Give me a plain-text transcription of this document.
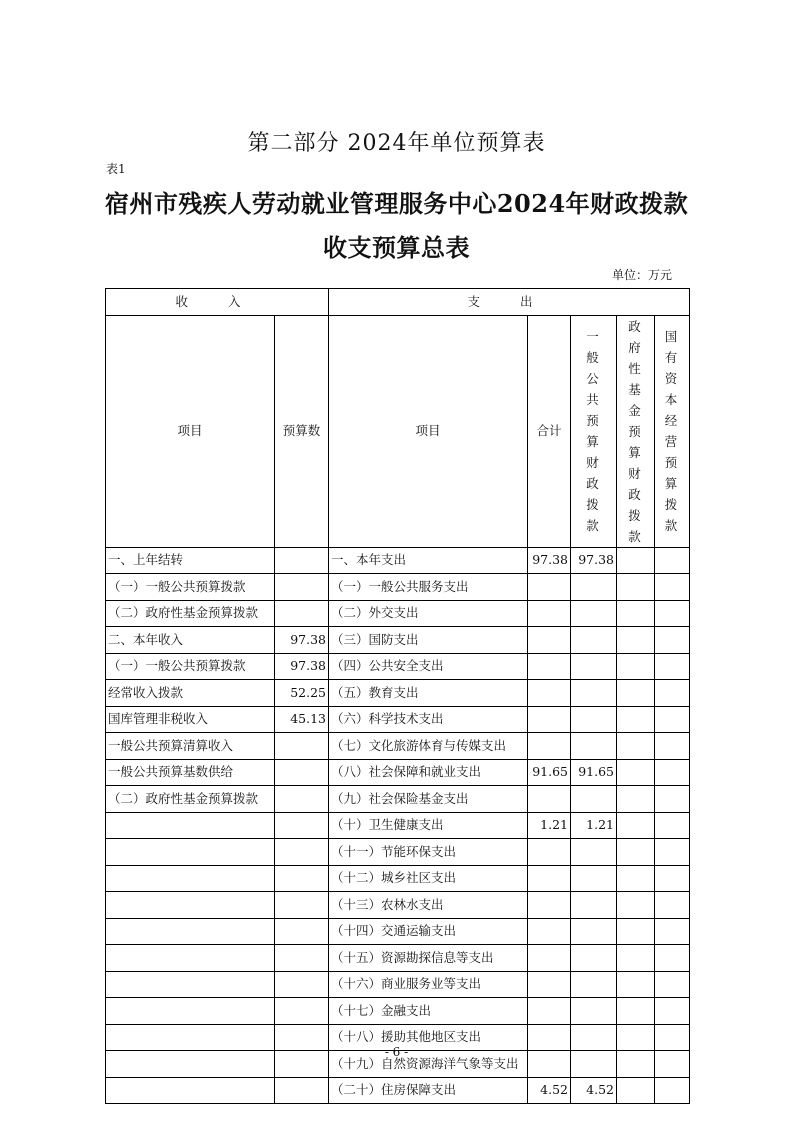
第二部分 2024年单位预算表
表1
宿州市残疾人劳动就业管理服务中心2024年财政拨款
收支预算总表
单位：万元
收 入		支 出				
项目	预算数	项目	合计	一般公共预算财政拨款	政府性基金预算财政拨款	国有资本经营预算拨款
一、上年结转		一、本年支出	97.38	97.38		
（一）一般公共预算拨款		（一）一般公共服务支出				
（二）政府性基金预算拨款		（二）外交支出				
二、本年收入	97.38	（三）国防支出				
（一）一般公共预算拨款	97.38	（四）公共安全支出				
经常收入拨款	52.25	（五）教育支出				
国库管理非税收入	45.13	（六）科学技术支出				
一般公共预算清算收入		（七）文化旅游体育与传媒支出				
一般公共预算基数供给		（八）社会保障和就业支出	91.65	91.65		
（二）政府性基金预算拨款		（九）社会保险基金支出				
		（十）卫生健康支出	1.21	1.21		
		（十一）节能环保支出				
		（十二）城乡社区支出				
		（十三）农林水支出				
		（十四）交通运输支出				
		（十五）资源勘探信息等支出				
		（十六）商业服务业等支出				
		（十七）金融支出				
		（十八）援助其他地区支出				
		（十九）自然资源海洋气象等支出				
		（二十）住房保障支出	4.52	4.52		
- 6 -
